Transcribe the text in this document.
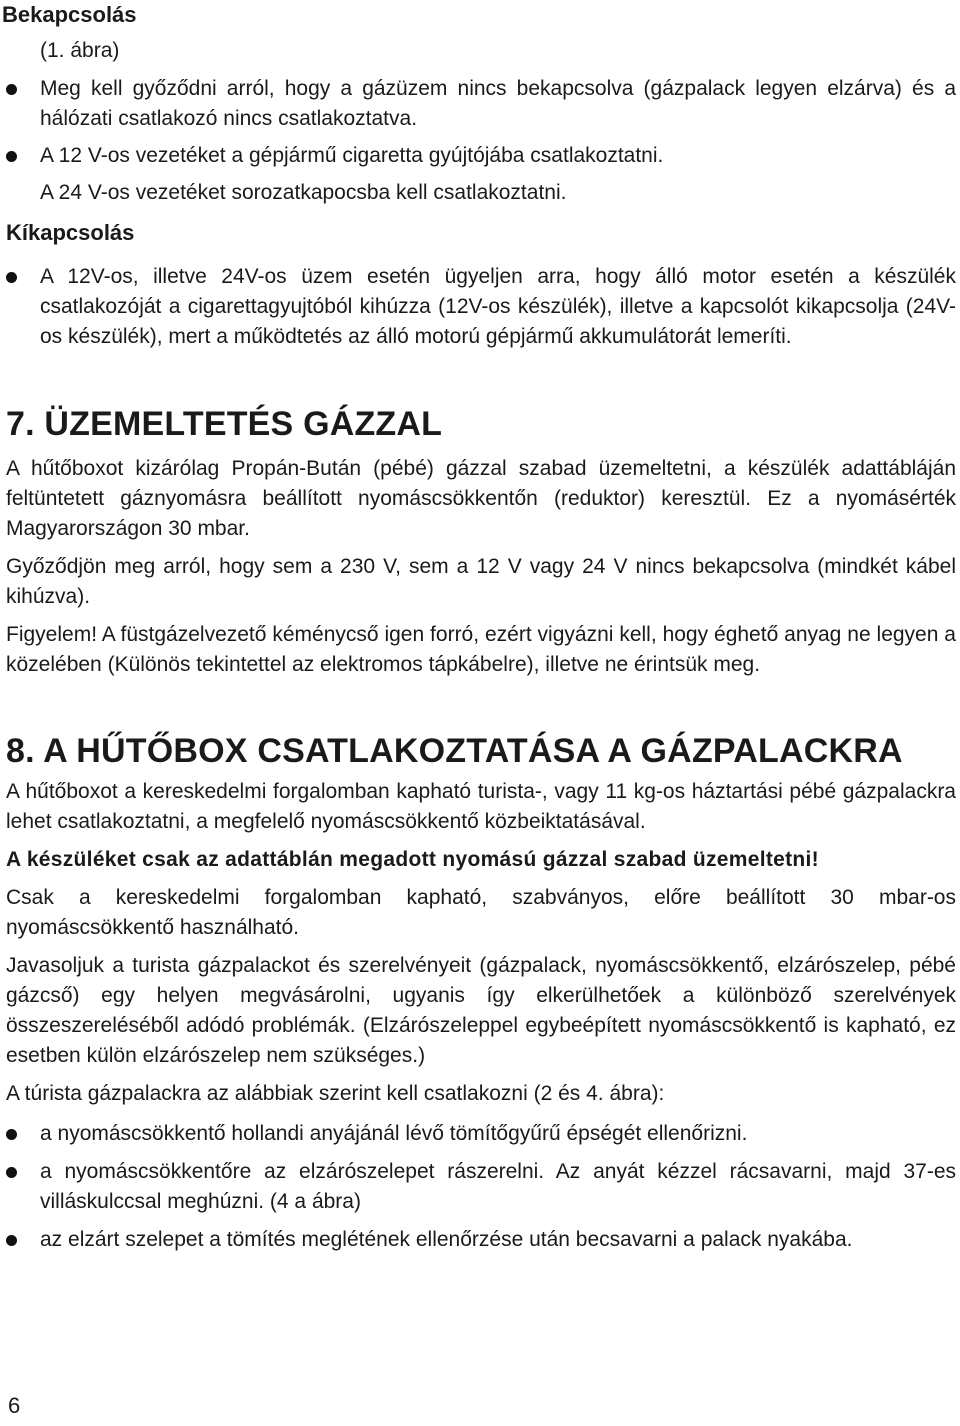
Bekapcsolás
(1. ábra)
Meg kell győződni arról, hogy a gázüzem nincs bekapcsolva (gázpalack legyen elzárva) és a hálózati csatlakozó nincs csatlakoztatva.
A 12 V-os vezetéket a gépjármű cigaretta gyújtójába csatlakoztatni.
A 24 V-os vezetéket sorozatkapocsba kell csatlakoztatni.
Kíkapcsolás
A 12V-os, illetve 24V-os üzem esetén ügyeljen arra, hogy álló motor esetén a készülék csatlakozóját a cigarettagyujtóból kihúzza (12V-os készülék), illetve a kapcsolót kikapcsolja (24V-os készülék), mert a működtetés az álló motorú gépjármű akkumulátorát lemeríti.
7. ÜZEMELTETÉS GÁZZAL

A hűtőboxot kizárólag Propán-Bután (pébé) gázzal szabad üzemeltetni, a készülék adattábláján feltüntetett gáznyomásra beállított nyomáscsökkentőn (reduktor) keresztül. Ez a nyomásérték Magyarországon 30 mbar.

Győződjön meg arról, hogy sem a 230 V, sem a 12 V vagy 24 V nincs bekapcsolva (mindkét kábel kihúzva).

Figyelem! A füstgázelvezető kéménycső igen forró, ezért vigyázni kell, hogy éghető anyag ne legyen a közelében (Különös tekintettel az elektromos tápkábelre), illetve ne érintsük meg.

8. A HŰTŐBOX CSATLAKOZTATÁSA A GÁZPALACKRA

A hűtőboxot a kereskedelmi forgalomban kapható turista-, vagy 11 kg-os háztartási pébé gázpalackra lehet csatlakoztatni, a megfelelő nyomáscsökkentő közbeiktatásával.

A készüléket csak az adattáblán megadott nyomású gázzal szabad üzemeltetni!

Csak a kereskedelmi forgalomban kapható, szabványos, előre beállított 30 mbar-os nyomáscsökkentő használható.

Javasoljuk a turista gázpalackot és szerelvényeit (gázpalack, nyomáscsökkentő, elzárószelep, pébé gázcső) egy helyen megvásárolni, ugyanis így elkerülhetőek a különböző szerelvények összeszereléséből adódó problémák. (Elzárószeleppel egybeépített nyomáscsökkentő is kapható, ez esetben külön elzárószelep nem szükséges.)

A túrista gázpalackra az alábbiak szerint kell csatlakozni (2 és 4. ábra):

a nyomáscsökkentő hollandi anyájánál lévő tömítőgyűrű épségét ellenőrizni.
a nyomáscsökkentőre az elzárószelepet rászerelni. Az anyát kézzel rácsavarni, majd 37-es villáskulccsal meghúzni. (4 a ábra)
az elzárt szelepet a tömítés meglétének ellenőrzése után becsavarni a palack nyakába.
6
